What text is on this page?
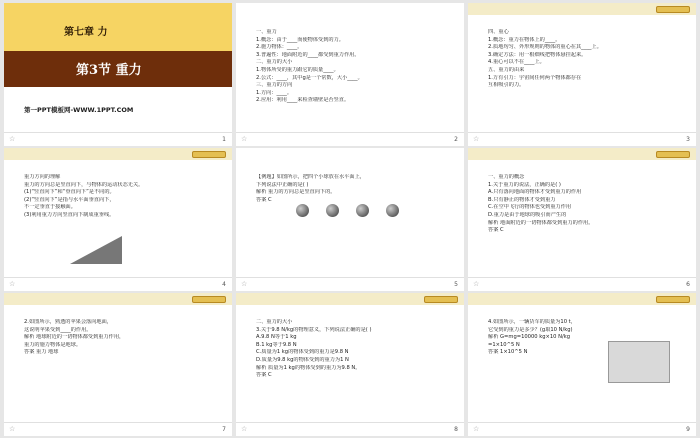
第七章 力
第3节 重力
第一PPT模板网-WWW.1PPT.COM
☆	1
一、重力
1.概念：由于____而使物体受到的力。
2.施力物体：____。
3.普遍性：地面附近的____都受到重力作用。
二、重力的大小
1.物体所受的重力跟它的质量____。
2.公式：____，其中g是一个常数，大小____。
三、重力的方向
1.方向：____。
2.应用：利用____来检查墙壁是否竖直。
☆	2
四、重心
1.概念：重力在物体上的____。
2.质地均匀、外形规则的物体的重心在其____上。
3.确定方法：用一根细线把物体悬挂起来。
4.重心可以不在____上。
五、重力的由来
1.万有引力：宇宙间任何两个物体都存在
互相吸引的力。
☆	3
重力方向的理解
重力的方向总是竖直向下，与物体的运动状态无关。
(1)“竖直向下”和“垂直向下”是不同的。
(2)“竖直向下”是指与水平面垂直向下，
不一定垂直于接触面。
(3)利用重力方向竖直向下制成重垂线。
☆	4
【例题】如图所示，把四个小球放在水平面上，
下列说法中正确的是( )
解析 重力的方向总是竖直向下的。
答案 C
☆	5
一、重力的概念
1.关于重力的说法，正确的是( )
A.只有落向地面的物体才受到重力的作用
B.只有静止的物体才受到重力
C.在空中飞行的物体也受到重力作用
D.重力是由于地球的吸引而产生的
解析 地面附近的一切物体都受到重力的作用。
答案 C
☆	6
2.如图所示，熟透的苹果会落向地面，
这说明苹果受到____的作用。
解析 地球附近的一切物体都受到重力作用，
重力的施力物体是地球。
答案 重力 地球
☆	7
二、重力的大小
3.关于9.8 N/kg的物理意义，下列说法正确的是( )
A.9.8 N等于1 kg
B.1 kg等于9.8 N
C.质量为1 kg的物体受到的重力是9.8 N
D.质量为9.8 kg的物体受到的重力为1 N
解析 质量为1 kg的物体受到的重力为9.8 N。
答案 C
☆	8
4.如图所示，一辆货车的质量为10 t，
它受到的重力是多少？(g取10 N/kg)
解析 G=mg=10000 kg×10 N/kg
=1×10^5 N
答案 1×10^5 N
☆	9
